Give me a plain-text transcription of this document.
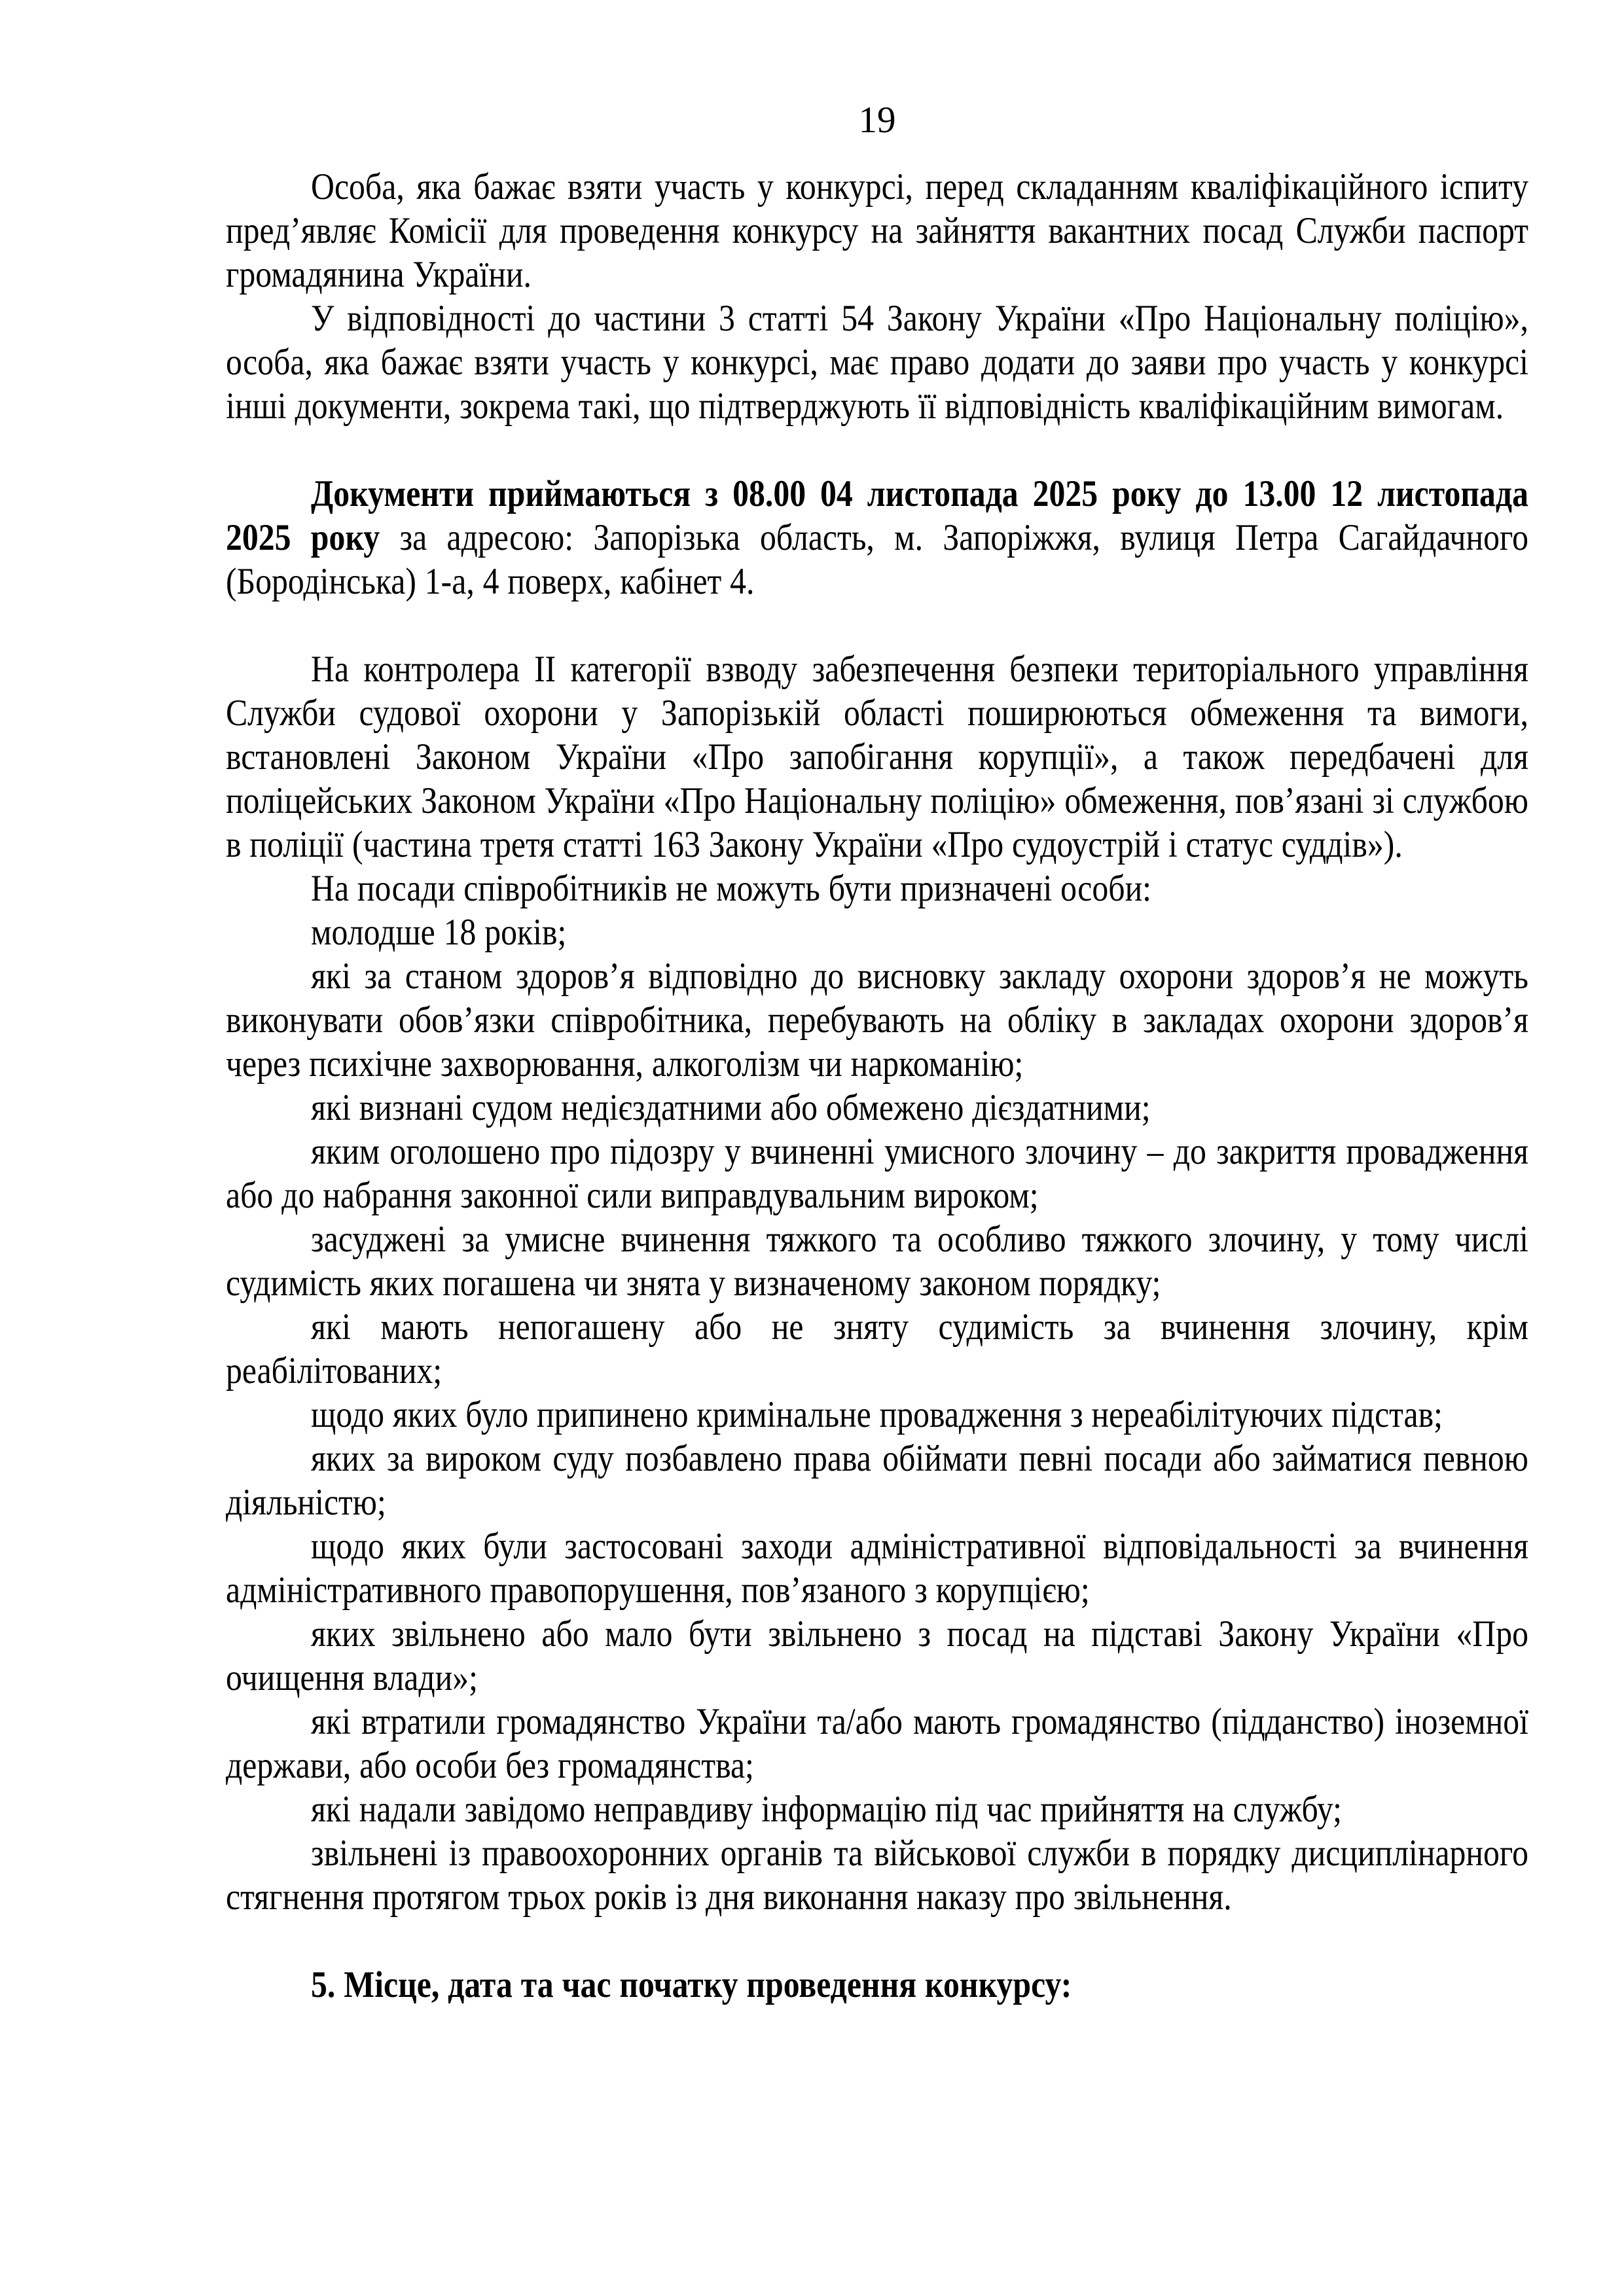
19

Особа, яка бажає взяти участь у конкурсі, перед складанням кваліфікаційного іспиту пред’являє Комісії для проведення конкурсу на зайняття вакантних посад Служби паспорт громадянина України.

У відповідності до частини 3 статті 54 Закону України «Про Національну поліцію», особа, яка бажає взяти участь у конкурсі, має право додати до заяви про участь у конкурсі інші документи, зокрема такі, що підтверджують її відповідність кваліфікаційним вимогам.

Документи приймаються з 08.00 04 листопада 2025 року до 13.00 12 листопада 2025 року за адресою: Запорізька область, м. Запоріжжя, вулиця Петра Сагайдачного (Бородінська) 1-а, 4 поверх, кабінет 4.

На контролера ІІ категорії взводу забезпечення безпеки територіального управління Служби судової охорони у Запорізькій області поширюються обмеження та вимоги, встановлені Законом України «Про запобігання корупції», а також передбачені для поліцейських Законом України «Про Національну поліцію» обмеження, пов’язані зі службою в поліції (частина третя статті 163 Закону України «Про судоустрій і статус суддів»).

На посади співробітників не можуть бути призначені особи:

молодше 18 років;

які за станом здоров’я відповідно до висновку закладу охорони здоров’я не можуть виконувати обов’язки співробітника, перебувають на обліку в закладах охорони здоров’я через психічне захворювання, алкоголізм чи наркоманію;

які визнані судом недієздатними або обмежено дієздатними;

яким оголошено про підозру у вчиненні умисного злочину – до закриття провадження або до набрання законної сили виправдувальним вироком;

засуджені за умисне вчинення тяжкого та особливо тяжкого злочину, у тому числі судимість яких погашена чи знята у визначеному законом порядку;

які мають непогашену або не зняту судимість за вчинення злочину, крім реабілітованих;

щодо яких було припинено кримінальне провадження з нереабілітуючих підстав;

яких за вироком суду позбавлено права обіймати певні посади або займатися певною діяльністю;

щодо яких були застосовані заходи адміністративної відповідальності за вчинення адміністративного правопорушення, пов’язаного з корупцією;

яких звільнено або мало бути звільнено з посад на підставі Закону України «Про очищення влади»;

які втратили громадянство України та/або мають громадянство (підданство) іноземної держави, або особи без громадянства;

які надали завідомо неправдиву інформацію під час прийняття на службу;

звільнені із правоохоронних органів та військової служби в порядку дисциплінарного стягнення протягом трьох років із дня виконання наказу про звільнення.

5. Місце, дата та час початку проведення конкурсу:
